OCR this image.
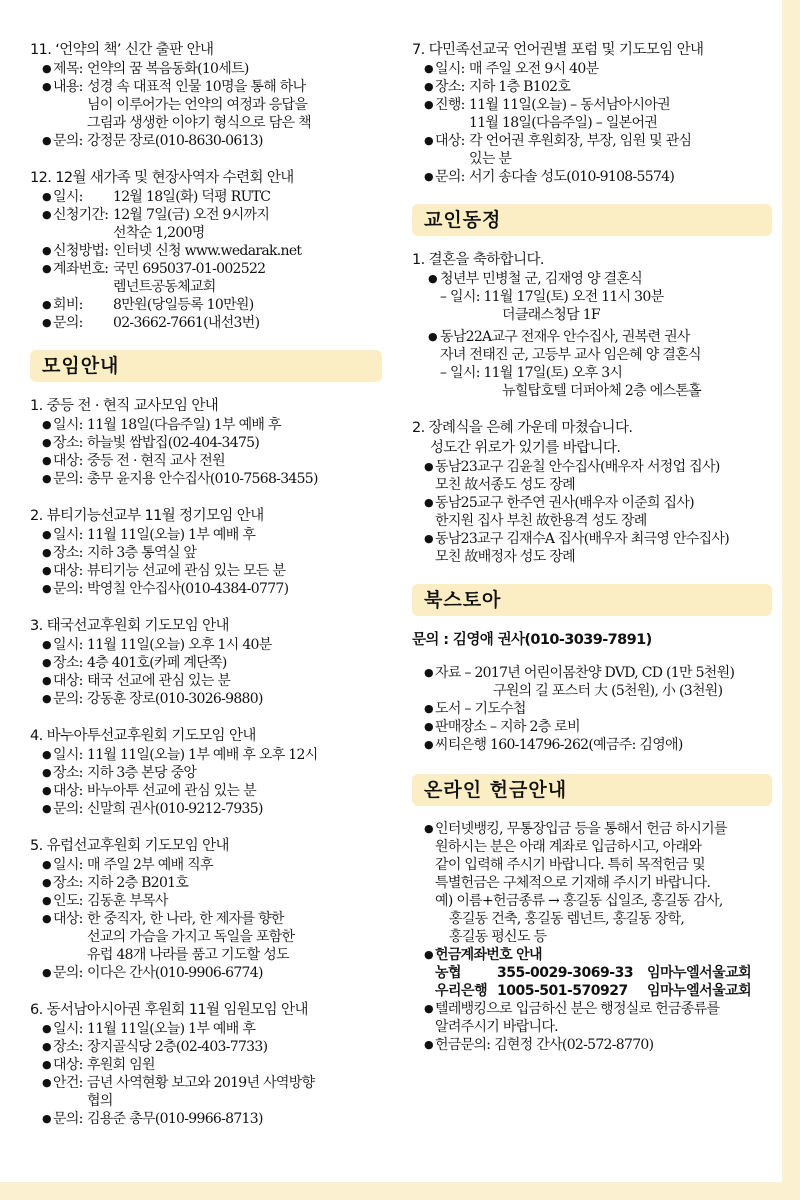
11. ‘언약의 책’ 신간 출판 안내
● 제목: 언약의 꿈 복음동화(10세트)
● 내용: 성경 속 대표적 인물 10명을 통해 하나
님이 이루어가는 언약의 여정과 응답을
그림과 생생한 이야기 형식으로 담은 책
● 문의: 강정문 장로(010-8630-0613)
12. 12월 새가족 및 현장사역자 수련회 안내
● 일시: 12월 18일(화) 덕평 RUTC
● 신청기간: 12월 7일(금) 오전 9시까지
선착순 1,200명
● 신청방법: 인터넷 신청 www.wedarak.net
● 계좌번호: 국민 695037-01-002522
렘넌트공동체교회
● 회비: 8만원(당일등록 10만원)
● 문의: 02-3662-7661(내선3번)
모임안내
1. 중등 전 · 현직 교사모임 안내
● 일시: 11월 18일(다음주일) 1부 예배 후
● 장소: 하늘빛 쌈밥집(02-404-3475)
● 대상: 중등 전 · 현직 교사 전원
● 문의: 총무 윤지용 안수집사(010-7568-3455)
2. 뷰티기능선교부 11월 정기모임 안내
● 일시: 11월 11일(오늘) 1부 예배 후
● 장소: 지하 3층 통역실 앞
● 대상: 뷰티기능 선교에 관심 있는 모든 분
● 문의: 박영칠 안수집사(010-4384-0777)
3. 태국선교후원회 기도모임 안내
● 일시: 11월 11일(오늘) 오후 1시 40분
● 장소: 4층 401호(카페 계단쪽)
● 대상: 태국 선교에 관심 있는 분
● 문의: 강동훈 장로(010-3026-9880)
4. 바누아투선교후원회 기도모임 안내
● 일시: 11월 11일(오늘) 1부 예배 후 오후 12시
● 장소: 지하 3층 본당 중앙
● 대상: 바누아투 선교에 관심 있는 분
● 문의: 신말희 권사(010-9212-7935)
5. 유럽선교후원회 기도모임 안내
● 일시: 매 주일 2부 예배 직후
● 장소: 지하 2층 B201호
● 인도: 김동훈 부목사
● 대상: 한 중직자, 한 나라, 한 제자를 향한
선교의 가슴을 가지고 독일을 포함한
유럽 48개 나라를 품고 기도할 성도
● 문의: 이다은 간사(010-9906-6774)
6. 동서남아시아권 후원회 11월 임원모임 안내
● 일시: 11월 11일(오늘) 1부 예배 후
● 장소: 장지골식당 2층(02-403-7733)
● 대상: 후원회 임원
● 안건: 금년 사역현황 보고와 2019년 사역방향
협의
● 문의: 김용준 총무(010-9966-8713)
7. 다민족선교국 언어권별 포럼 및 기도모임 안내
● 일시: 매 주일 오전 9시 40분
● 장소: 지하 1층 B102호
● 진행: 11월 11일(오늘) – 동서남아시아권
11월 18일(다음주일) – 일본어권
● 대상: 각 언어권 후원회장, 부장, 임원 및 관심
있는 분
● 문의: 서기 송다솔 성도(010-9108-5574)
교인동정
1. 결혼을 축하합니다.
● 청년부 민병철 군, 김재영 양 결혼식
– 일시: 11월 17일(토) 오전 11시 30분
더클래스청담 1F
● 동남22A교구 전재우 안수집사, 권복련 권사
자녀 전태진 군, 고등부 교사 임은혜 양 결혼식
– 일시: 11월 17일(토) 오후 3시
뉴힐탑호텔 더퍼아체 2층 에스톤홀
2. 장례식을 은혜 가운데 마쳤습니다.
성도간 위로가 있기를 바랍니다.
● 동남23교구 김윤칠 안수집사(배우자 서정업 집사)
모친 故서종도 성도 장례
● 동남25교구 한주연 권사(배우자 이준희 집사)
한지원 집사 부친 故한용격 성도 장례
● 동남23교구 김재수A 집사(배우자 최극영 안수집사)
모친 故배정자 성도 장례
북스토아
문의 : 김영애 권사(010-3039-7891)
● 자료 – 2017년 어린이몸찬양 DVD, CD (1만 5천원)
구원의 길 포스터 大 (5천원), 小 (3천원)
● 도서 – 기도수첩
● 판매장소 – 지하 2층 로비
● 씨티은행 160-14796-262(예금주: 김영애)
온라인 헌금안내
● 인터넷뱅킹, 무통장입금 등을 통해서 헌금 하시기를
원하시는 분은 아래 계좌로 입금하시고, 아래와
같이 입력해 주시기 바랍니다. 특히 목적헌금 및
특별헌금은 구체적으로 기재해 주시기 바랍니다.
예) 이름+헌금종류 → 홍길동 십일조, 홍길동 감사,
홍길동 건축, 홍길동 렘넌트, 홍길동 장학,
홍길동 평신도 등
● 헌금계좌번호 안내
농협	355-0029-3069-33 임마누엘서울교회
우리은행 1005-501-570927 임마누엘서울교회
● 텔레뱅킹으로 입금하신 분은 행정실로 헌금종류를
알려주시기 바랍니다.
● 헌금문의: 김현정 간사(02-572-8770)
